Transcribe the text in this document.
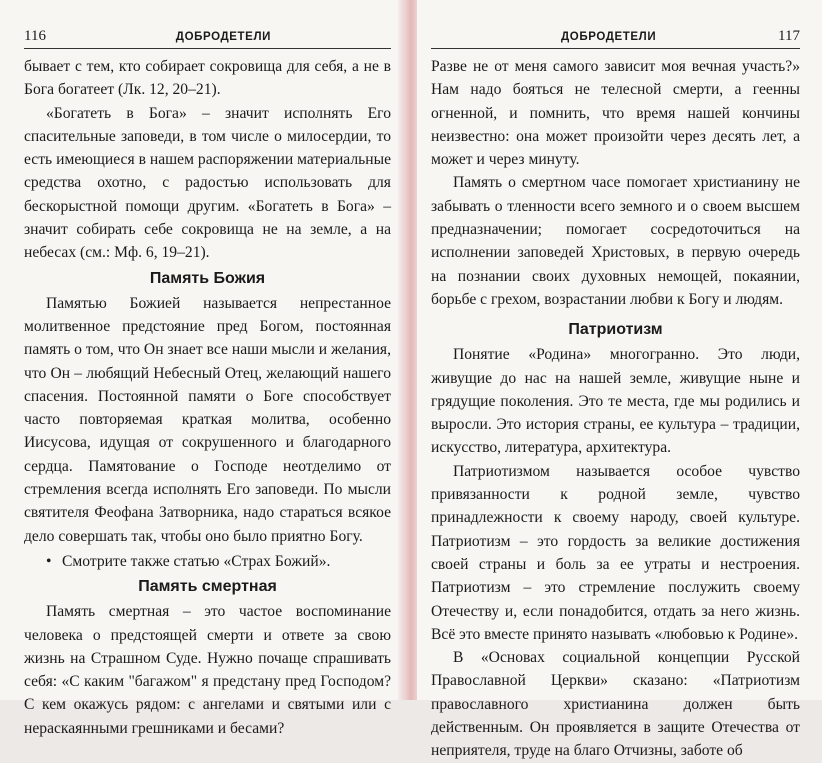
116	ДОБРОДЕТЕЛИ

бывает с тем, кто собирает сокровища для себя, а не в Бога богатеет (Лк. 12, 20–21).

«Богатеть в Бога» – значит исполнять Его спасительные заповеди, в том числе о милосердии, то есть имеющиеся в нашем распоряжении материальные средства охотно, с радостью использовать для бескорыстной помощи другим. «Богатеть в Бога» – значит собирать себе сокровища не на земле, а на небесах (см.: Мф. 6, 19–21).

Память Божия

Памятью Божией называется непрестанное молитвенное предстояние пред Богом, постоянная память о том, что Он знает все наши мысли и желания, что Он – любящий Небесный Отец, желающий нашего спасения. Постоянной памяти о Боге способствует часто повторяемая краткая молитва, особенно Иисусова, идущая от сокрушенного и благодарного сердца. Памятование о Господе неотделимо от стремления всегда исполнять Его заповеди. По мысли святителя Феофана Затворника, надо стараться всякое дело совершать так, чтобы оно было приятно Богу.

• Смотрите также статью «Страх Божий».
Память смертная

Память смертная – это частое воспоминание человека о предстоящей смерти и ответе за свою жизнь на Страшном Суде. Нужно почаще спрашивать себя: «С каким "багажом" я предстану пред Господом? С кем окажусь рядом: с ангелами и святыми или с нераскаянными грешниками и бесами?

ДОБРОДЕТЕЛИ	117

Разве не от меня самого зависит моя вечная участь?» Нам надо бояться не телесной смерти, а геенны огненной, и помнить, что время нашей кончины неизвестно: она может произойти через десять лет, а может и через минуту.

Память о смертном часе помогает христианину не забывать о тленности всего земного и о своем высшем предназначении; помогает сосредоточиться на исполнении заповедей Христовых, в первую очередь на познании своих духовных немощей, покаянии, борьбе с грехом, возрастании любви к Богу и людям.

Патриотизм

Понятие «Родина» многогранно. Это люди, живущие до нас на нашей земле, живущие ныне и грядущие поколения. Это те места, где мы родились и выросли. Это история страны, ее культура – традиции, искусство, литература, архитектура.

Патриотизмом называется особое чувство привязанности к родной земле, чувство принадлежности к своему народу, своей культуре. Патриотизм – это гордость за великие достижения своей страны и боль за ее утраты и нестроения. Патриотизм – это стремление послужить своему Отечеству и, если понадобится, отдать за него жизнь. Всё это вместе принято называть «любовью к Родине».

В «Основах социальной концепции Русской Православной Церкви» сказано: «Патриотизм православного христианина должен быть действенным. Он проявляется в защите Отечества от неприятеля, труде на благо Отчизны, заботе об
